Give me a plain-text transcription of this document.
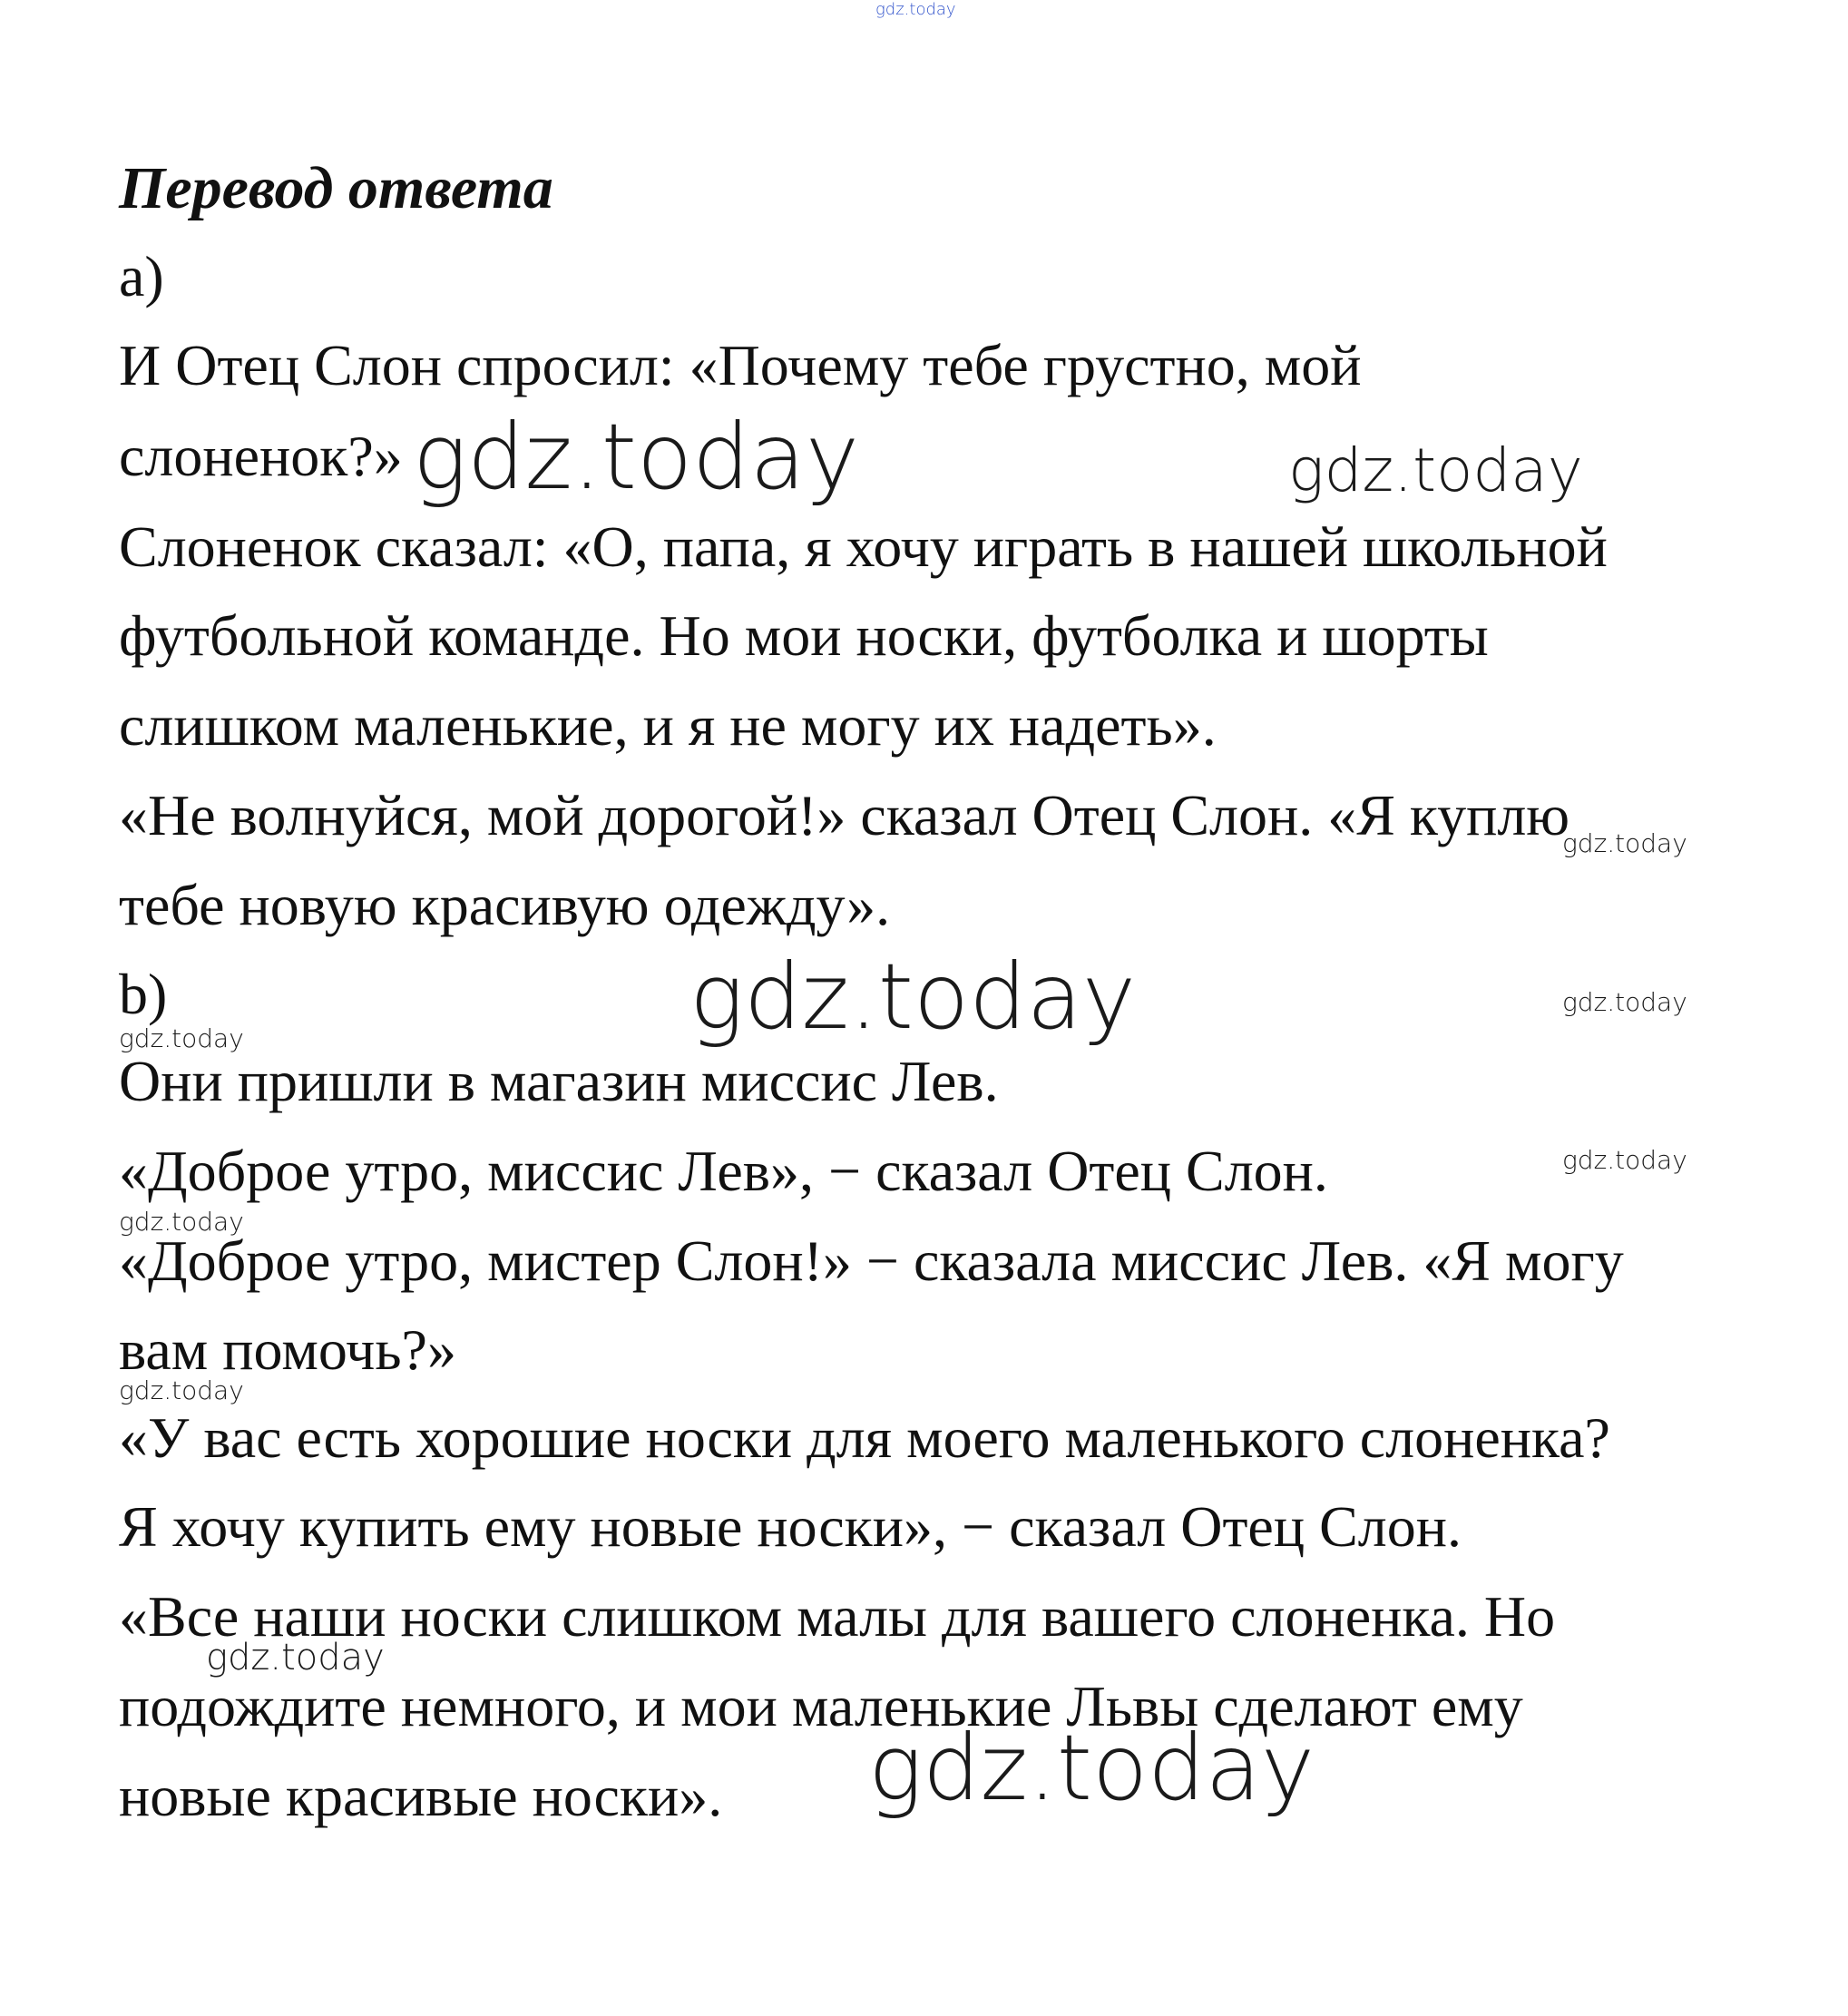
gdz.today
Перевод ответа
a)
И Отец Слон спросил: «Почему тебе грустно, мой
слоненок?»
Слоненок сказал: «О, папа, я хочу играть в нашей школьной
футбольной команде. Но мои носки, футболка и шорты
слишком маленькие, и я не могу их надеть».
«Не волнуйся, мой дорогой!» сказал Отец Слон. «Я куплю
тебе новую красивую одежду».
b)
Они пришли в магазин миссис Лев.
«Доброе утро, миссис Лев», − сказал Отец Слон.
«Доброе утро, мистер Слон!» − сказала миссис Лев. «Я могу
вам помочь?»
«У вас есть хорошие носки для моего маленького слоненка?
Я хочу купить ему новые носки», − сказал Отец Слон.
«Все наши носки слишком малы для вашего слоненка. Но
подождите немного, и мои маленькие Львы сделают ему
новые красивые носки».
gdz.today	gdz.today
gdz.today
gdz.today	gdz.today
gdz.today
gdz.today
gdz.today
gdz.today
gdz.today
gdz.today
